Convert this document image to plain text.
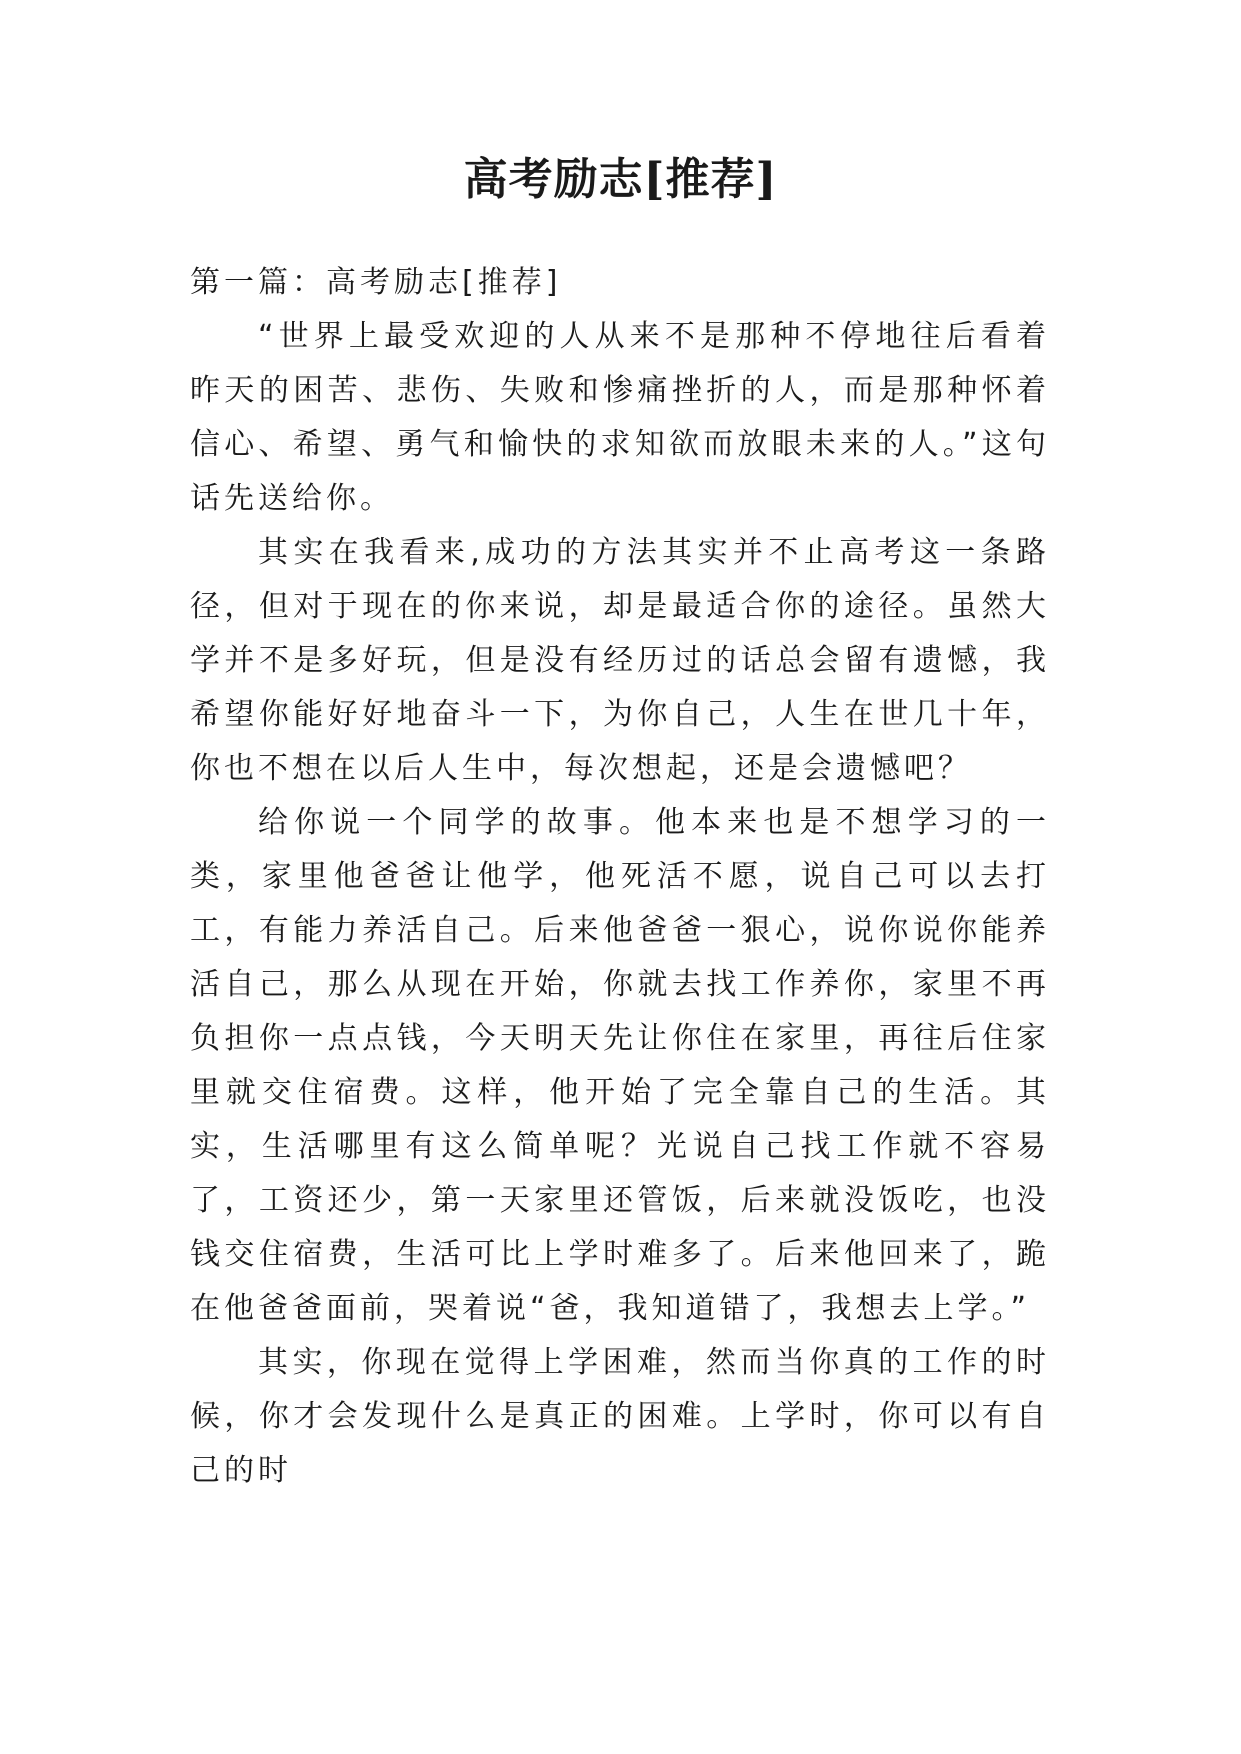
高考励志[推荐]

第一篇：高考励志[推荐]

“世界上最受欢迎的人从来不是那种不停地往后看着昨天的困苦、悲伤、失败和惨痛挫折的人，而是那种怀着信心、希望、勇气和愉快的求知欲而放眼未来的人。”这句话先送给你。

其实在我看来,成功的方法其实并不止高考这一条路径，但对于现在的你来说，却是最适合你的途径。虽然大学并不是多好玩，但是没有经历过的话总会留有遗憾，我希望你能好好地奋斗一下，为你自己，人生在世几十年，你也不想在以后人生中，每次想起，还是会遗憾吧？

给你说一个同学的故事。他本来也是不想学习的一类，家里他爸爸让他学，他死活不愿，说自己可以去打工，有能力养活自己。后来他爸爸一狠心，说你说你能养活自己，那么从现在开始，你就去找工作养你，家里不再负担你一点点钱，今天明天先让你住在家里，再往后住家里就交住宿费。这样，他开始了完全靠自己的生活。其实，生活哪里有这么简单呢？光说自己找工作就不容易了，工资还少，第一天家里还管饭，后来就没饭吃，也没钱交住宿费，生活可比上学时难多了。后来他回来了，跪在他爸爸面前，哭着说“爸，我知道错了，我想去上学。”

其实，你现在觉得上学困难，然而当你真的工作的时候，你才会发现什么是真正的困难。上学时，你可以有自己的时
